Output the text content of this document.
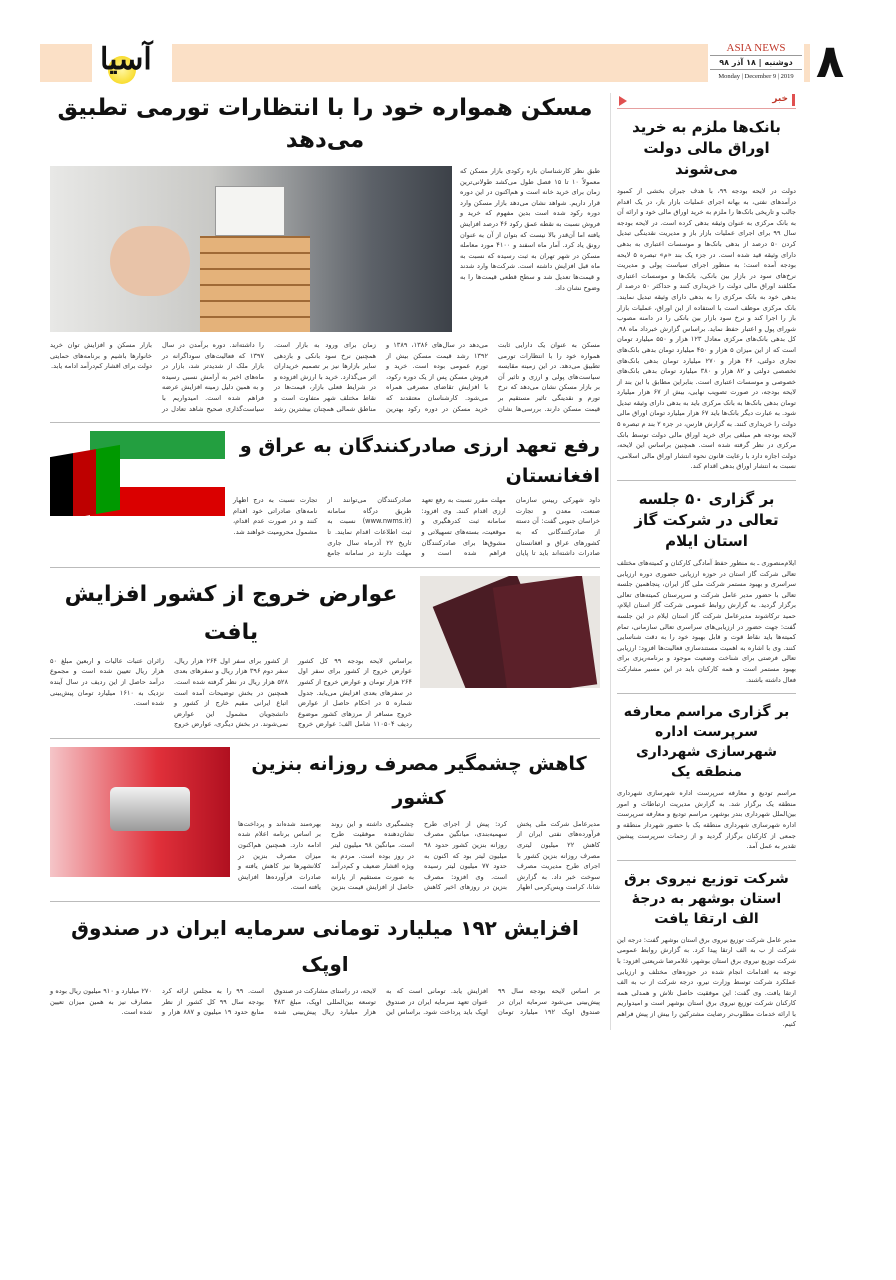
آسیا	ASIA NEWS
دوشنبه | ۱۸ آذر ۹۸
Monday | December 9 | 2019 ۸
خبر
بانک‌ها ملزم به خرید اوراق مالی دولت می‌شوند
دولت در لایحه بودجه ۹۹، با هدف جبران بخشی از کمبود درآمدهای نفتی، به بهانه اجرای عملیات بازار باز، در یک اقدام جالب و تاریخی بانک‌ها را ملزم به خرید اوراق مالی خود و ارائه آن به بانک مرکزی به عنوان وثیقه بدهی کرده است. در لایحه بودجه سال ۹۹ برای اجرای عملیات بازار باز و مدیریت نقدینگی تبدیل کردن ۵۰ درصد از بدهی بانک‌ها و موسسات اعتباری به بدهی دارای وثیقه قید شده است. در جزء یک بند «م» تبصره ۵ لایحه بودجه آمده است: به منظور اجرای سیاست پولی و مدیریت نرخ‌های سود در بازار بین بانکی، بانک‌ها و موسسات اعتباری مکلفند اوراق مالی دولت را خریداری کنند و حداکثر ۵۰ درصد از بدهی خود به بانک مرکزی را به بدهی دارای وثیقه تبدیل نمایند. بانک مرکزی موظف است با استفاده از این اوراق، عملیات بازار باز را اجرا کند و نرخ سود بازار بین بانکی را در دامنه مصوب شورای پول و اعتبار حفظ نماید. براساس گزارش خبرداد ماه ۹۸، کل بدهی بانک‌های مرکزی معادل ۱۲۳ هزار و ۵۵۰ میلیارد تومان است که از این میزان ۵ هزار و ۴۵۰ میلیارد تومان بدهی بانک‌های تجاری دولتی، ۴۶ هزار و ۲۷۰ میلیارد تومان بدهی بانک‌های تخصصی دولتی و ۸۲ هزار و ۳۸۰ میلیارد تومان بدهی بانک‌های خصوصی و موسسات اعتباری است. بنابراین مطابق با این بند از لایحه بودجه، در صورت تصویب نهایی، بیش از ۶۷ هزار میلیارد تومان بدهی بانک‌ها به بانک مرکزی باید به بدهی دارای وثیقه تبدیل شود. به عبارت دیگر بانک‌ها باید ۶۷ هزار میلیارد تومان اوراق مالی دولت را خریداری کنند. به گزارش فارس، در جزء ۲ بند م تبصره ۵ لایحه بودجه هم مبلغی برای خرید اوراق مالی دولت توسط بانک مرکزی در نظر گرفته شده است. همچنین براساس این لایحه، دولت اجازه دارد با رعایت قانون نحوه انتشار اوراق مالی اسلامی، نسبت به انتشار اوراق بدهی اقدام کند.
بر گزاری ۵۰ جلسه تعالی در شرکت گاز استان ایلام
ایلام‌منصوری ـ به منظور حفظ آمادگی کارکنان و کمیته‌های مختلف تعالی شرکت گاز استان در حوزه ارزیابی حضوری دوره ارزیابی سراسری و بهبود مستمر شرکت ملی گاز ایران، پنجاهمین جلسه تعالی با حضور مدیر عامل شرکت و سرپرستان کمیته‌های تعالی برگزار گردید. به گزارش روابط عمومی شرکت گاز استان ایلام، حمید ترکاشوند مدیرعامل شرکت گاز استان ایلام در این جلسه گفت: جهت حضور در ارزیابی‌های سراسری تعالی سازمانی، تمام کمیته‌ها باید نقاط قوت و قابل بهبود خود را به دقت شناسایی کنند. وی با اشاره به اهمیت مستندسازی فعالیت‌ها افزود: ارزیابی تعالی فرصتی برای شناخت وضعیت موجود و برنامه‌ریزی برای بهبود مستمر است و همه کارکنان باید در این مسیر مشارکت فعال داشته باشند.
بر گزاری مراسم معارفه سرپرست اداره شهرسازی شهرداری منطقه یک
مراسم تودیع و معارفه سرپرست اداره شهرسازی شهرداری منطقه یک برگزار شد. به گزارش مدیریت ارتباطات و امور بین‌الملل شهرداری بندر بوشهر، مراسم تودیع و معارفه سرپرست اداره شهرسازی شهرداری منطقه یک با حضور شهردار منطقه و جمعی از کارکنان برگزار گردید و از زحمات سرپرست پیشین تقدیر به عمل آمد.
شرکت توزیع نیروی برق استان بوشهر به درجهٔ الف ارتقا یافت
مدیر عامل شرکت توزیع نیروی برق استان بوشهر گفت: درجه این شرکت از ب به الف ارتقا پیدا کرد. به گزارش روابط عمومی شرکت توزیع نیروی برق استان بوشهر، غلامرضا شریعتی افزود: با توجه به اقدامات انجام شده در حوزه‌های مختلف و ارزیابی عملکرد شرکت توسط وزارت نیرو، درجه شرکت از ب به الف ارتقا یافت. وی گفت: این موفقیت حاصل تلاش و همدلی همه کارکنان شرکت توزیع نیروی برق استان بوشهر است و امیدواریم با ارائه خدمات مطلوب‌تر رضایت مشترکین را بیش از پیش فراهم کنیم.
مسکن همواره خود را با انتظارات تورمی تطبیق می‌دهد
طبق نظر کارشناسان بازه رکودی بازار مسکن که معمولاً ۱۰ تا ۱۵ فصل طول می‌کشد طولانی‌ترین زمان برای خرید خانه است و هم‌اکنون در این دوره قرار داریم. شواهد نشان می‌دهد بازار مسکن وارد دوره رکود شده است بدین مفهوم که خرید و فروش نسبت به نقطه عمق رکود ۴۶ درصد افزایش یافته اما آن‌قدر بالا نیست که بتوان از آن به عنوان رونق یاد کرد. آمار ماه اسفند و ۴۱۰۰ مورد معامله مسکن در شهر تهران به ثبت رسیده که نسبت به ماه قبل افزایش داشته است. شرکت‌ها وارد شدند و قیمت‌ها تعدیل شد و سطح قطعی قیمت‌ها را به وضوح نشان داد.
مسکن به عنوان یک دارایی ثابت همواره خود را با انتظارات تورمی تطبیق می‌دهد. در این زمینه مقایسه سیاست‌های پولی و ارزی و تاثیر آن بر بازار مسکن نشان می‌دهد که نرخ تورم و نقدینگی تاثیر مستقیم بر قیمت مسکن دارند. بررسی‌ها نشان می‌دهد در سال‌های ۱۳۸۶، ۱۳۸۹ و ۱۳۹۲ رشد قیمت مسکن بیش از تورم عمومی بوده است. خرید و فروش مسکن پس از یک دوره رکود، با افزایش تقاضای مصرفی همراه می‌شود. کارشناسان معتقدند که خرید مسکن در دوره رکود بهترین زمان برای ورود به بازار است. همچنین نرخ سود بانکی و بازدهی سایر بازارها نیز بر تصمیم خریداران اثر می‌گذارد. خرید با ارزش افزوده و در شرایط فعلی بازار، قیمت‌ها در نقاط مختلف شهر متفاوت است و مناطق شمالی همچنان بیشترین رشد را داشته‌اند. دوره برآمدن در سال ۱۳۹۷ که فعالیت‌های سوداگرانه در بازار ملک از شدیدتر شد، بازار در ماه‌های اخیر به آرامش نسبی رسیده و به همین دلیل زمینه افزایش عرضه فراهم شده است. امیدواریم با سیاست‌گذاری صحیح شاهد تعادل در بازار مسکن و افزایش توان خرید خانوارها باشیم و برنامه‌های حمایتی دولت برای اقشار کم‌درآمد ادامه یابد.
رفع تعهد ارزی صادرکنندگان به عراق و افغانستان
داود شهرکی رییس سازمان صنعت، معدن و تجارت خراسان جنوبی گفت: آن دسته از صادرکنندگانی که به کشورهای عراق و افغانستان صادرات داشته‌اند باید تا پایان مهلت مقرر نسبت به رفع تعهد ارزی اقدام کنند. وی افزود: سامانه ثبت کدرهگیری و موقعیت، بسته‌های تسهیلاتی و مشوق‌ها برای صادرکنندگان فراهم شده است و صادرکنندگان می‌توانند از طریق درگاه سامانه (www.nwms.ir) نسبت به ثبت اطلاعات اقدام نمایند. تا تاریخ ۲۲ آذرماه سال جاری مهلت دارند در سامانه جامع تجارت نسبت به درج اظهار نامه‌های صادراتی خود اقدام کنند و در صورت عدم اقدام، مشمول محرومیت خواهند شد.
عوارض خروج از کشور افزایش یافت
براساس لایحه بودجه ۹۹ کل کشور عوارض خروج از کشور برای سفر اول ۲۶۴ هزار تومان و عوارض خروج از کشور در سفرهای بعدی افزایش می‌یابد. جدول شماره ۵ در احکام حاصل از عوارض خروج مسافر از مرزهای کشور موضوع ردیف ۱۱۰۵۰۴ شامل الف: عوارض خروج از کشور برای سفر اول ۲۶۴ هزار ریال، سفر دوم ۳۹۶ هزار ریال و سفرهای بعدی ۵۲۸ هزار ریال در نظر گرفته شده است. همچنین در بخش توضیحات آمده است اتباع ایرانی مقیم خارج از کشور و دانشجویان مشمول این عوارض نمی‌شوند. در بخش دیگری، عوارض خروج زائران عتبات عالیات و اربعین مبلغ ۵۰ هزار ریال تعیین شده است و مجموع درآمد حاصل از این ردیف در سال آینده نزدیک به ۱۶۱۰ میلیارد تومان پیش‌بینی شده است.
کاهش چشمگیر مصرف روزانه بنزین کشور
مدیرعامل شرکت ملی پخش فرآورده‌های نفتی ایران از کاهش ۲۲ میلیون لیتری مصرف روزانه بنزین کشور با اجرای طرح مدیریت مصرف سوخت خبر داد. به گزارش شانا، کرامت ویس‌کرمی اظهار کرد: پیش از اجرای طرح سهمیه‌بندی، میانگین مصرف روزانه بنزین کشور حدود ۹۸ میلیون لیتر بود که اکنون به حدود ۷۷ میلیون لیتر رسیده است. وی افزود: مصرف بنزین در روزهای اخیر کاهش چشمگیری داشته و این روند نشان‌دهنده موفقیت طرح است. میانگین ۹۸ میلیون لیتر در روز بوده است. مردم به ویژه اقشار ضعیف و کم‌درآمد به صورت مستقیم از یارانه حاصل از افزایش قیمت بنزین بهره‌مند شده‌اند و پرداخت‌ها بر اساس برنامه اعلام شده ادامه دارد. همچنین هم‌اکنون میزان مصرف بنزین در کلانشهرها نیز کاهش یافته و صادرات فرآورده‌ها افزایش یافته است.
افزایش ۱۹۲ میلیارد تومانی سرمایه ایران در صندوق اوپک
بر اساس لایحه بودجه سال ۹۹ پیش‌بینی می‌شود سرمایه ایران در صندوق اوپک ۱۹۲ میلیارد تومان افزایش یابد. تومانی است که به عنوان تعهد سرمایه ایران در صندوق اوپک باید پرداخت شود. براساس این لایحه، در راستای مشارکت در صندوق توسعه بین‌المللی اوپک، مبلغ ۴۸۳ هزار میلیارد ریال پیش‌بینی شده است. ۹۹ را به مجلس ارائه کرد بودجه سال ۹۹ کل کشور از نظر منابع حدود ۱۹ میلیون و ۸۸۷ هزار و ۲۷۰ میلیارد و ۹۱۰ میلیون ریال بوده و مصارف نیز به همین میزان تعیین شده است.
